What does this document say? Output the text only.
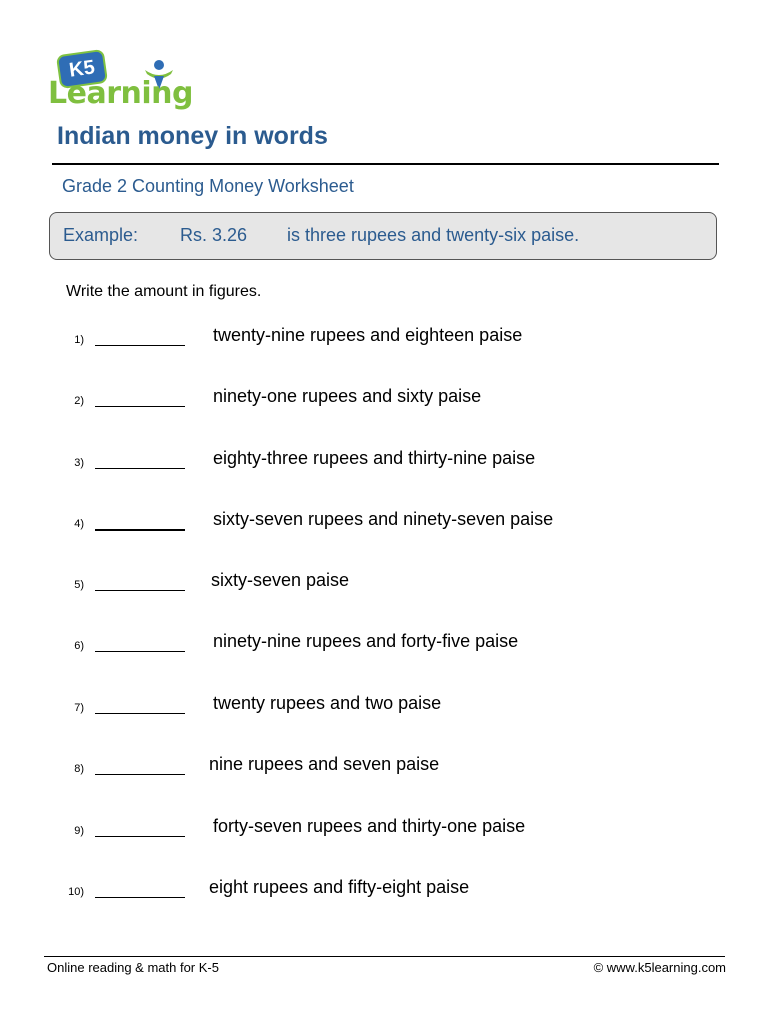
K5
Learning
Indian money in words
Grade 2 Counting Money Worksheet
Example: Rs. 3.26 is three rupees and twenty-six paise.
Write the amount in figures.
1)	twenty-nine rupees and eighteen paise
2)	ninety-one rupees and sixty paise
3)	eighty-three rupees and thirty-nine paise
4)	sixty-seven rupees and ninety-seven paise
5)	sixty-seven paise
6)	ninety-nine rupees and forty-five paise
7)	twenty rupees and two paise
8)	nine rupees and seven paise
9)	forty-seven rupees and thirty-one paise
10)	eight rupees and fifty-eight paise
Online reading & math for K-5	© www.k5learning.com
